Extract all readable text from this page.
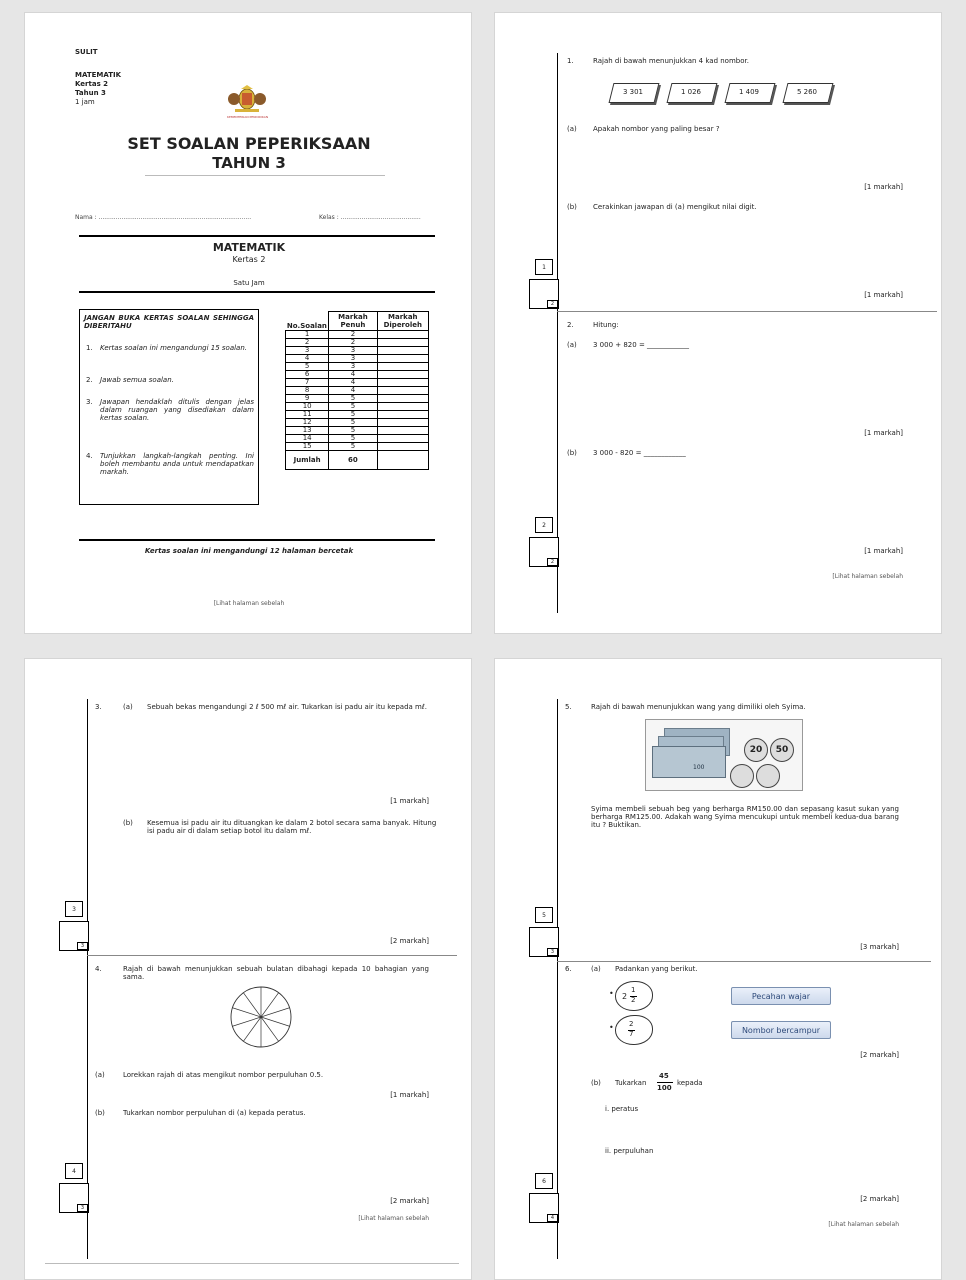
SULIT
MATEMATIK
Kertas 2
Tahun 3
1 jam
KEMENTERIAN PENDIDIKAN
SET SOALAN PEPERIKSAAN
TAHUN 3
Nama : ................................................................................	Kelas : ..........................................
MATEMATIK
Kertas 2
Satu Jam
JANGAN BUKA KERTAS SOALAN SEHINGGA DIBERITAHU
1. Kertas soalan ini mengandungi 15 soalan.
2. Jawab semua soalan.
3. Jawapan hendaklah ditulis dengan jelas dalam ruangan yang disediakan dalam kertas soalan.
4. Tunjukkan langkah-langkah penting. Ini boleh membantu anda untuk mendapatkan markah.
No.Soalan	Markah Penuh	Markah Diperoleh
1	2	
2	2	
3	3	
4	3	
5	3	
6	4	
7	4	
8	4	
9	5	
10	5	
11	5	
12	5	
13	5	
14	5	
15	5	
Jumlah	60	
Kertas soalan ini mengandungi 12 halaman bercetak
[Lihat halaman sebelah
1.	Rajah di bawah menunjukkan 4 kad nombor.
3 301	1 026	1 409	5 260
(a) Apakah nombor yang paling besar ?
[1 markah]
(b) Cerakinkan jawapan di (a) mengikut nilai digit.
1
2
[1 markah]
2.	Hitung:
(a) 3 000 + 820 = ____________
[1 markah]
(b) 3 000 - 820 = ____________
2
2
[1 markah]
[Lihat halaman sebelah
3.	(a) Sebuah bekas mengandungi 2 ℓ 500 mℓ air. Tukarkan isi padu air itu kepada mℓ.
[1 markah]
(b) Kesemua isi padu air itu dituangkan ke dalam 2 botol secara sama banyak. Hitung isi padu air di dalam setiap botol itu dalam mℓ.
3
3
[2 markah]
4.	Rajah di bawah menunjukkan sebuah bulatan dibahagi kepada 10 bahagian yang sama.
(a)	Lorekkan rajah di atas mengikut nombor perpuluhan 0.5.
[1 markah]
(b)	Tukarkan nombor perpuluhan di (a) kepada peratus.
4
3
[2 markah]
[Lihat halaman sebelah
5.	Rajah di bawah menunjukkan wang yang dimiliki oleh Syima.
100
20 50
Syima membeli sebuah beg yang berharga RM150.00 dan sepasang kasut sukan yang berharga RM125.00. Adakah wang Syima mencukupi untuk membeli kedua-dua barang itu ? Buktikan.
5
3
[3 markah]
6.	(a) Padankan yang berikut.
2
1
2
•
2
7
•
Pecahan wajar
Nombor bercampur
[2 markah]
(b) Tukarkan
45
100
kepada
i. peratus
ii. perpuluhan
6
4
[2 markah]
[Lihat halaman sebelah
